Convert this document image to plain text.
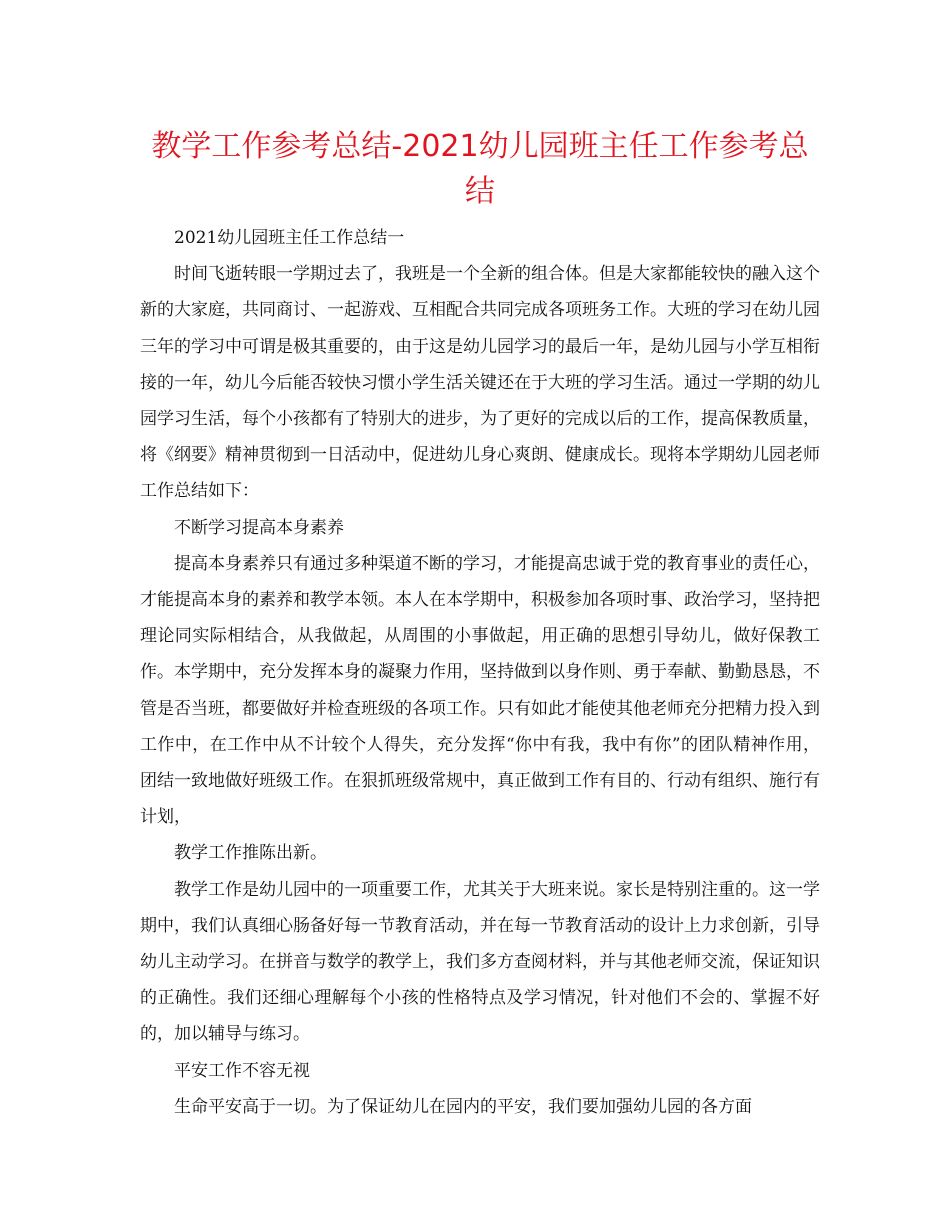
教学工作参考总结-2021幼儿园班主任工作参考总结

2021幼儿园班主任工作总结一

时间飞逝转眼一学期过去了，我班是一个全新的组合体。但是大家都能较快的融入这个新的大家庭，共同商讨、一起游戏、互相配合共同完成各项班务工作。大班的学习在幼儿园三年的学习中可谓是极其重要的，由于这是幼儿园学习的最后一年，是幼儿园与小学互相衔接的一年，幼儿今后能否较快习惯小学生活关键还在于大班的学习生活。通过一学期的幼儿园学习生活，每个小孩都有了特别大的进步，为了更好的完成以后的工作，提高保教质量，将《纲要》精神贯彻到一日活动中，促进幼儿身心爽朗、健康成长。现将本学期幼儿园老师工作总结如下：

不断学习提高本身素养

提高本身素养只有通过多种渠道不断的学习，才能提高忠诚于党的教育事业的责任心，才能提高本身的素养和教学本领。本人在本学期中，积极参加各项时事、政治学习，坚持把理论同实际相结合，从我做起，从周围的小事做起，用正确的思想引导幼儿，做好保教工作。本学期中，充分发挥本身的凝聚力作用，坚持做到以身作则、勇于奉献、勤勤恳恳，不管是否当班，都要做好并检查班级的各项工作。只有如此才能使其他老师充分把精力投入到工作中，在工作中从不计较个人得失，充分发挥“你中有我，我中有你”的团队精神作用，团结一致地做好班级工作。在狠抓班级常规中，真正做到工作有目的、行动有组织、施行有计划，

教学工作推陈出新。

教学工作是幼儿园中的一项重要工作，尤其关于大班来说。家长是特别注重的。这一学期中，我们认真细心肠备好每一节教育活动，并在每一节教育活动的设计上力求创新，引导幼儿主动学习。在拼音与数学的教学上，我们多方查阅材料，并与其他老师交流，保证知识的正确性。我们还细心理解每个小孩的性格特点及学习情况，针对他们不会的、掌握不好的，加以辅导与练习。

平安工作不容无视

生命平安高于一切。为了保证幼儿在园内的平安，我们要加强幼儿园的各方面
